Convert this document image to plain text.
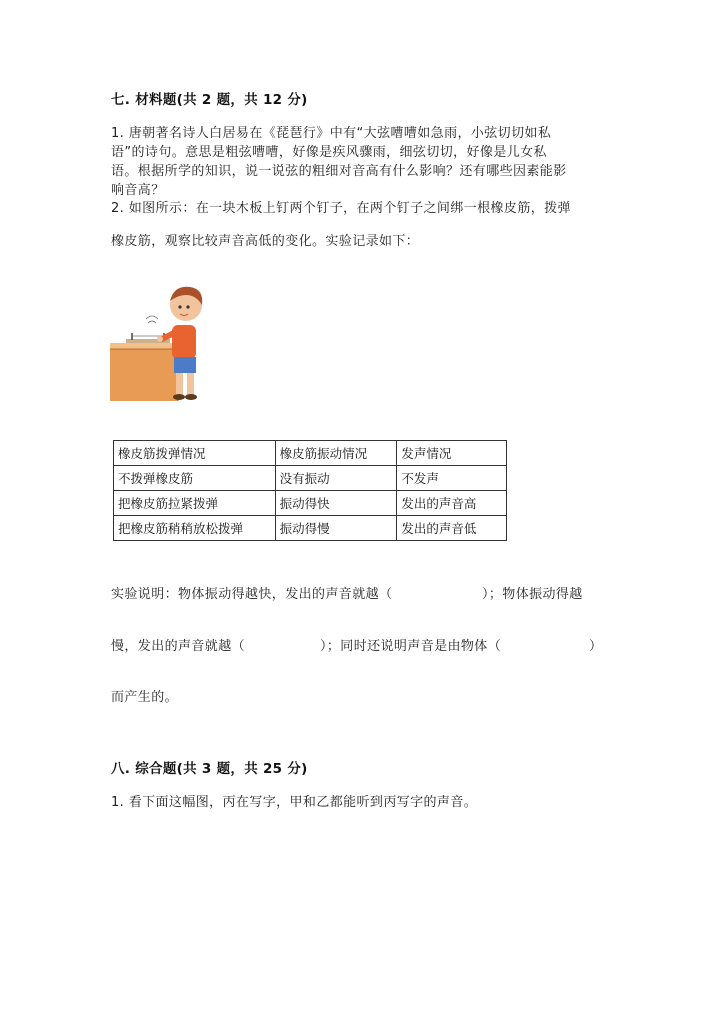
七. 材料题(共 2 题，共 12 分)
1. 唐朝著名诗人白居易在《琵琶行》中有“大弦嘈嘈如急雨，小弦切切如私
语”的诗句。意思是粗弦嘈嘈，好像是疾风骤雨，细弦切切，好像是儿女私
语。根据所学的知识，说一说弦的粗细对音高有什么影响？还有哪些因素能影
响音高？
2. 如图所示：在一块木板上钉两个钉子，在两个钉子之间绑一根橡皮筋，拨弹
橡皮筋，观察比较声音高低的变化。实验记录如下：
橡皮筋拨弹情况	橡皮筋振动情况	发声情况
不拨弹橡皮筋	没有振动	不发声
把橡皮筋拉紧拨弹	振动得快	发出的声音高
把橡皮筋稍稍放松拨弹	振动得慢	发出的声音低
实验说明：物体振动得越快，发出的声音就越（	）；物体振动得越
慢，发出的声音就越（	）；同时还说明声音是由物体（	）
而产生的。
八. 综合题(共 3 题，共 25 分)
1. 看下面这幅图，丙在写字，甲和乙都能听到丙写字的声音。
